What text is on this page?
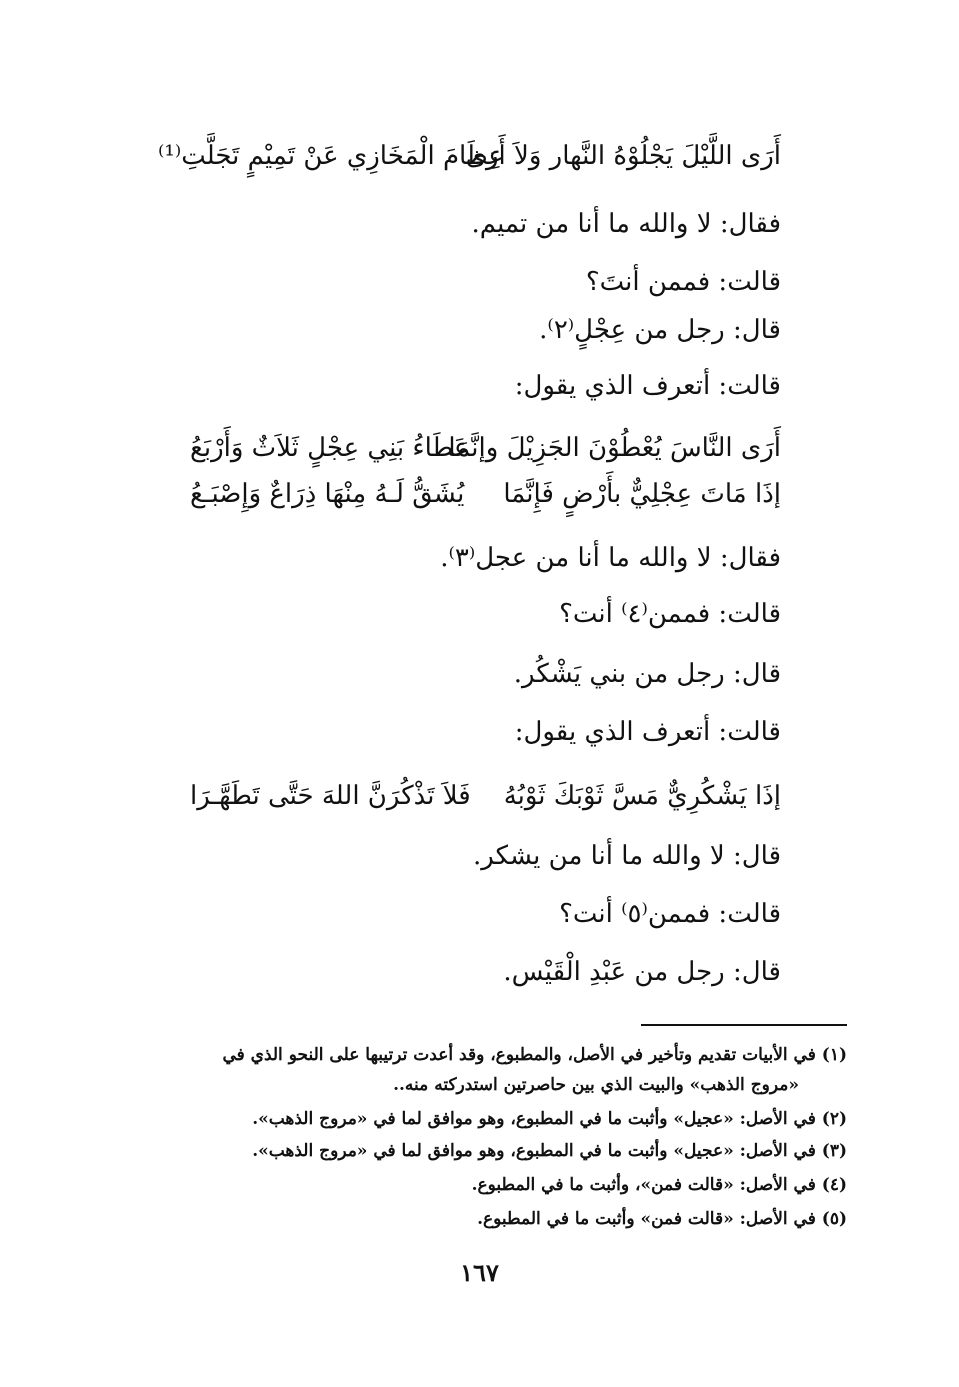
أَرَى اللَّيْلَ يَجْلُوْهُ النَّهار وَلاَ أَرَى
عِظَامَ الْمَخَازِي عَنْ تَمِيْمٍ تَجَلَّتِ⁽¹⁾
فقال: لا والله ما أنا من تميم.
قالت: فممن أنتَ؟
قال: رجل من عِجْلٍ⁽٢⁾.
قالت: أتعرف الذي يقول:
أَرَى النَّاسَ يُعْطُوْنَ الجَزِيْلَ وإنَّمَا
عَطَاءُ بَنِي عِجْلٍ ثَلاَثٌ وَأَرْبَعُ
إذَا مَاتَ عِجْلِيٌّ بأَرْضٍ فَإِنَّمَا
يُشَقُّ لَـهُ مِنْهَا ذِرَاعٌ وَإِصْبَـعُ
فقال: لا والله ما أنا من عجل⁽٣⁾.
قالت: فممن⁽٤⁾ أنت؟
قال: رجل من بني يَشْكُر.
قالت: أتعرف الذي يقول:
إذَا يَشْكُرِيٌّ مَسَّ ثَوْبَكَ ثَوْبُهُ
فَلاَ تَذْكُرَنَّ اللهَ حَتَّى تَطَهَّـرَا
قال: لا والله ما أنا من يشكر.
قالت: فممن⁽٥⁾ أنت؟
قال: رجل من عَبْدِ الْقَيْس.
(١) في الأبيات تقديم وتأخير في الأصل، والمطبوع، وقد أعدت ترتيبها على النحو الذي في
«مروج الذهب» والبيت الذي بين حاصرتين استدركته منه..
(٢) في الأصل: «عجيل» وأثبت ما في المطبوع، وهو موافق لما في «مروج الذهب».
(٣) في الأصل: «عجيل» وأثبت ما في المطبوع، وهو موافق لما في «مروج الذهب».
(٤) في الأصل: «قالت فمن»، وأثبت ما في المطبوع.
(٥) في الأصل: «قالت فمن» وأثبت ما في المطبوع.
١٦٧
